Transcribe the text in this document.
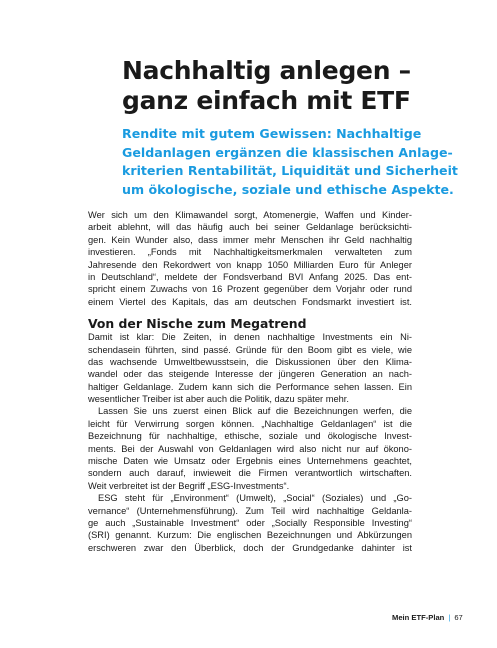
Nachhaltig anlegen –
ganz einfach mit ETF

Rendite mit gutem Gewissen: Nachhaltige
Geldanlagen ergänzen die klassischen Anlage-
kriterien Rentabilität, Liquidität und Sicherheit
um ökologische, soziale und ethische Aspekte.

Wer sich um den Klimawandel sorgt, Atomenergie, Waffen und Kinder-
arbeit ablehnt, will das häufig auch bei seiner Geldanlage berücksichti-
gen. Kein Wunder also, dass immer mehr Menschen ihr Geld nachhaltig
investieren. „Fonds mit Nachhaltigkeitsmerkmalen verwalteten zum
Jahresende den Rekordwert von knapp 1050 Milliarden Euro für Anleger
in Deutschland“, meldete der Fondsverband BVI Anfang 2025. Das ent-
spricht einem Zuwachs von 16 Prozent gegenüber dem Vorjahr oder rund
einem Viertel des Kapitals, das am deutschen Fondsmarkt investiert ist.
Von der Nische zum Megatrend
Damit ist klar: Die Zeiten, in denen nachhaltige Investments ein Ni-
schendasein führten, sind passé. Gründe für den Boom gibt es viele, wie
das wachsende Umweltbewusstsein, die Diskussionen über den Klima-
wandel oder das steigende Interesse der jüngeren Generation an nach-
haltiger Geldanlage. Zudem kann sich die Performance sehen lassen. Ein
wesentlicher Treiber ist aber auch die Politik, dazu später mehr.
Lassen Sie uns zuerst einen Blick auf die Bezeichnungen werfen, die
leicht für Verwirrung sorgen können. „Nachhaltige Geldanlagen“ ist die
Bezeichnung für nachhaltige, ethische, soziale und ökologische Invest-
ments. Bei der Auswahl von Geldanlagen wird also nicht nur auf ökono-
mische Daten wie Umsatz oder Ergebnis eines Unternehmens geachtet,
sondern auch darauf, inwieweit die Firmen verantwortlich wirtschaften.
Weit verbreitet ist der Begriff „ESG-Investments“.
ESG steht für „Environment“ (Umwelt), „Social“ (Soziales) und „Go-
vernance“ (Unternehmensführung). Zum Teil wird nachhaltige Geldanla-
ge auch „Sustainable Investment“ oder „Socially Responsible Investing“
(SRI) genannt. Kurzum: Die englischen Bezeichnungen und Abkürzungen
erschweren zwar den Überblick, doch der Grundgedanke dahinter ist
Mein ETF-Plan | 67
